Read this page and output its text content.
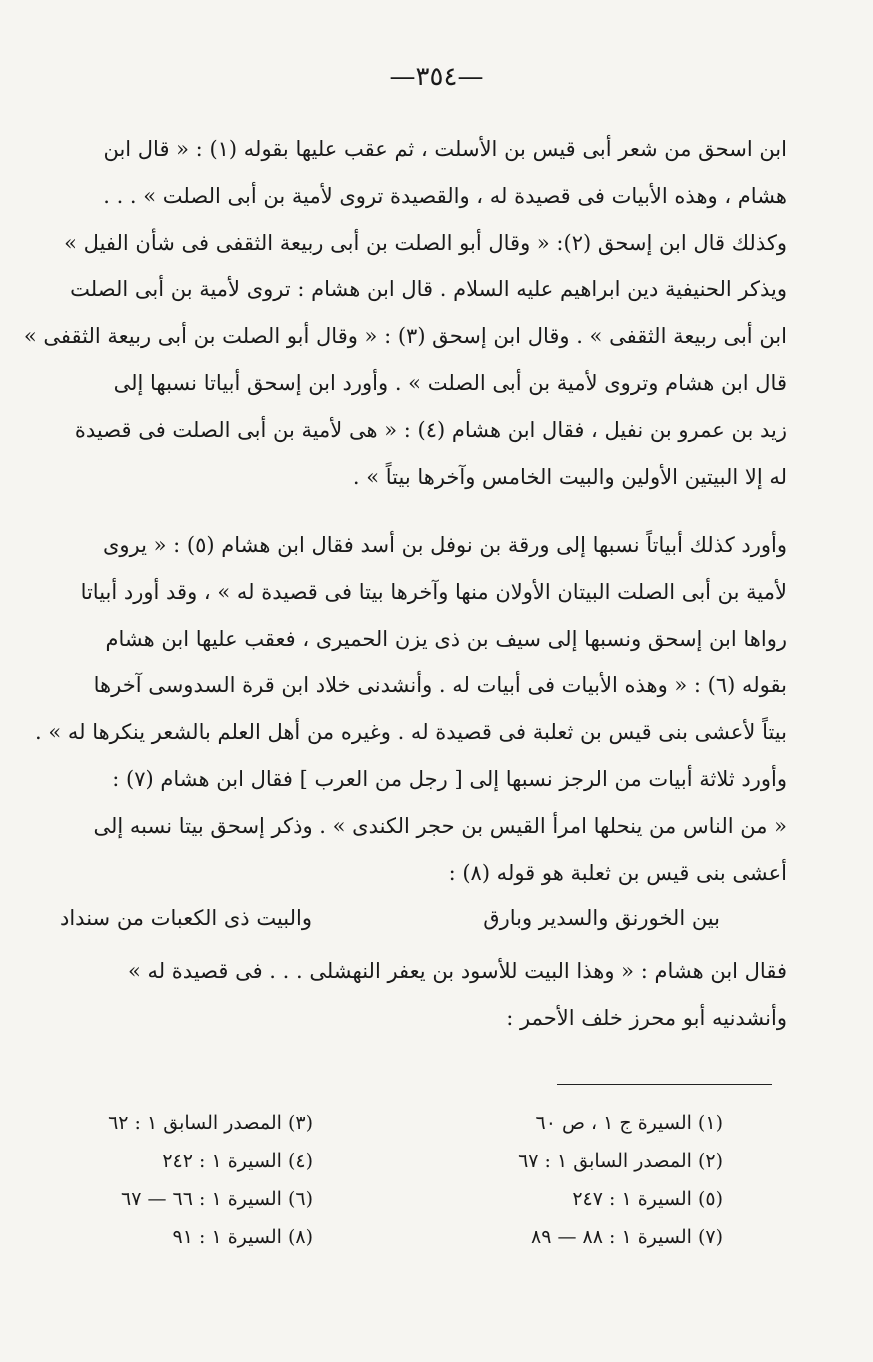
—٣٥٤—
ابن اسحق من شعر أبى قيس بن الأسلت ، ثم عقب عليها بقوله (١) : « قال ابن
هشام ، وهذه الأبيات فى قصيدة له ، والقصيدة تروى لأمية بن أبى الصلت » . . .
وكذلك قال ابن إسحق (٢): « وقال أبو الصلت بن أبى ربيعة الثقفى فى شأن الفيل »
ويذكر الحنيفية دين ابراهيم عليه السلام . قال ابن هشام : تروى لأمية بن أبى الصلت
ابن أبى ربيعة الثقفى » . وقال ابن إسحق (٣) : « وقال أبو الصلت بن أبى ربيعة الثقفى »
قال ابن هشام وتروى لأمية بن أبى الصلت » . وأورد ابن إسحق أبياتا نسبها إلى
زيد بن عمرو بن نفيل ، فقال ابن هشام (٤) : « هى لأمية بن أبى الصلت فى قصيدة
له إلا البيتين الأولين والبيت الخامس وآخرها بيتاً » .
وأورد كذلك أبياتاً نسبها إلى ورقة بن نوفل بن أسد فقال ابن هشام (٥) : « يروى
لأمية بن أبى الصلت البيتان الأولان منها وآخرها بيتا فى قصيدة له » ، وقد أورد أبياتا
رواها ابن إسحق ونسبها إلى سيف بن ذى يزن الحميرى ، فعقب عليها ابن هشام
بقوله (٦) : « وهذه الأبيات فى أبيات له . وأنشدنى خلاد ابن قرة السدوسى آخرها
بيتاً لأعشى بنى قيس بن ثعلبة فى قصيدة له . وغيره من أهل العلم بالشعر ينكرها له » .
وأورد ثلاثة أبيات من الرجز نسبها إلى [ رجل من العرب ] فقال ابن هشام (٧) :
« من الناس من ينحلها امرأ القيس بن حجر الكندى » . وذكر إسحق بيتا نسبه إلى
أعشى بنى قيس بن ثعلبة هو قوله (٨) :
بين الخورنق والسدير وبارق
والبيت ذى الكعبات من سنداد
فقال ابن هشام : « وهذا البيت للأسود بن يعفر النهشلى . . . فى قصيدة له »
وأنشدنيه أبو محرز خلف الأحمر :
(١) السيرة ج ١ ، ص ٦٠
(٢) المصدر السابق ١ : ٦٧
(٥) السيرة ١ : ٢٤٧
(٧) السيرة ١ : ٨٨ — ٨٩
(٣) المصدر السابق ١ : ٦٢
(٤) السيرة ١ : ٢٤٢
(٦) السيرة ١ : ٦٦ — ٦٧
(٨) السيرة ١ : ٩١
